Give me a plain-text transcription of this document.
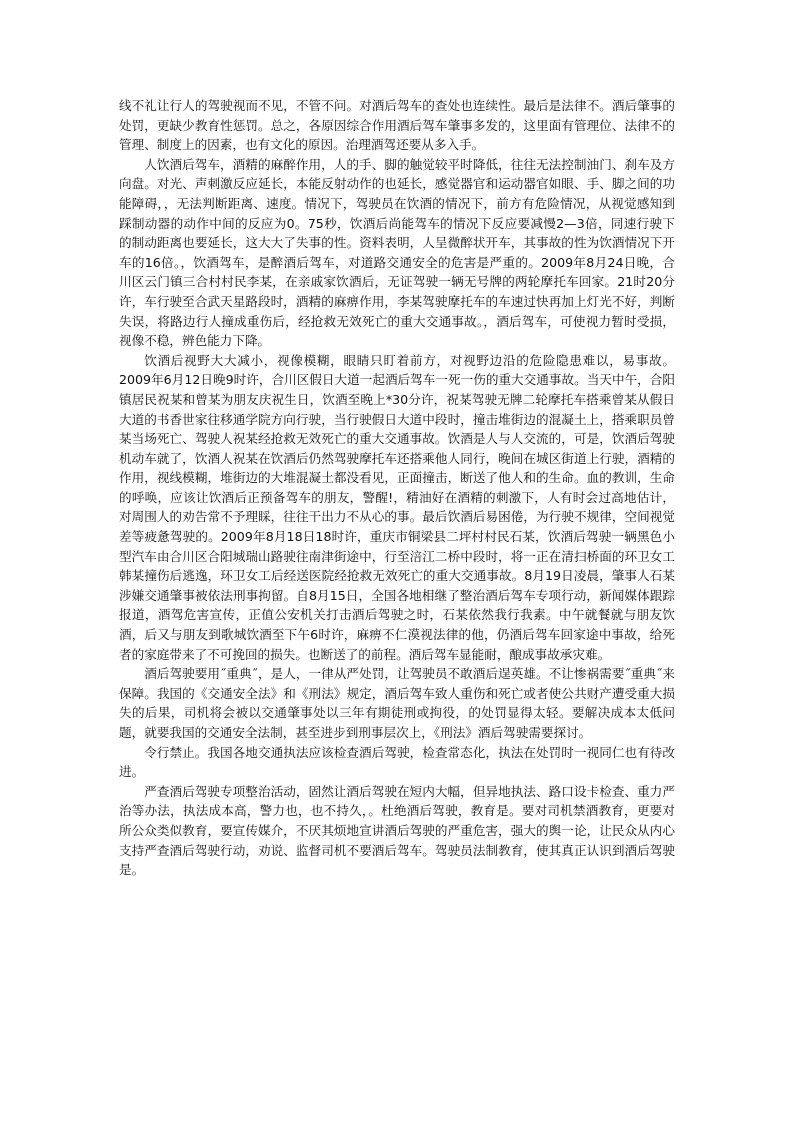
线不礼让行人的驾驶视而不见，不管不问。对酒后驾车的查处也连续性。最后是法律不。酒后肇事的处罚，更缺少教育性惩罚。总之，各原因综合作用酒后驾车肇事多发的，这里面有管理位、法律不的管理、制度上的因素，也有文化的原因。治理酒驾还要从多入手。

人饮酒后驾车，酒精的麻醉作用，人的手、脚的触觉较平时降低，往往无法控制油门、刹车及方向盘。对光、声刺激反应延长，本能反射动作的也延长，感觉器官和运动器官如眼、手、脚之间的功能障碍，，无法判断距离、速度。情况下，驾驶员在饮酒的情况下，前方有危险情况，从视觉感知到踩制动器的动作中间的反应为0。75秒，饮酒后尚能驾车的情况下反应要减慢2—3倍，同速行驶下的制动距离也要延长，这大大了失事的性。资料表明，人呈微醉状开车，其事故的性为饮酒情况下开车的16倍。，饮酒驾车，是醉酒后驾车，对道路交通安全的危害是严重的。2009年8月24日晚，合川区云门镇三合村村民李某，在亲戚家饮酒后，无证驾驶一辆无号牌的两轮摩托车回家。21时20分许，车行驶至合武天星路段时，酒精的麻痹作用，李某驾驶摩托车的车速过快再加上灯光不好，判断失误，将路边行人撞成重伤后，经抢救无效死亡的重大交通事故。，酒后驾车，可使视力暂时受损，视像不稳，辨色能力下降。

饮酒后视野大大减小，视像模糊，眼睛只盯着前方，对视野边沿的危险隐患难以，易事故。2009年6月12日晚9时许，合川区假日大道一起酒后驾车一死一伤的重大交通事故。当天中午，合阳镇居民祝某和曾某为朋友庆祝生日，饮酒至晚上*30分许，祝某驾驶无牌二轮摩托车搭乘曾某从假日大道的书香世家往移通学院方向行驶，当行驶假日大道中段时，撞击堆街边的混凝土上，搭乘职员曾某当场死亡、驾驶人祝某经抢救无效死亡的重大交通事故。饮酒是人与人交流的，可是，饮酒后驾驶机动车就了，饮酒人祝某在饮酒后仍然驾驶摩托车还搭乘他人同行，晚间在城区街道上行驶，酒精的作用，视线模糊，堆街边的大堆混凝土都没看见，正面撞击，断送了他人和的生命。血的教训，生命的呼唤，应该让饮酒后正预备驾车的朋友，警醒!，精油好在酒精的刺激下，人有时会过高地估计，对周围人的劝告常不予理睬，往往干出力不从心的事。最后饮酒后易困倦，为行驶不规律，空间视觉差等疲惫驾驶的。2009年8月18日18时许，重庆市铜梁县二坪村村民石某，饮酒后驾驶一辆黑色小型汽车由合川区合阳城瑞山路驶往南津街途中，行至涪江二桥中段时，将一正在清扫桥面的环卫女工韩某撞伤后逃逸，环卫女工后经送医院经抢救无效死亡的重大交通事故。8月19日凌晨，肇事人石某涉嫌交通肇事被依法刑事拘留。自8月15日，全国各地相继了整治酒后驾车专项行动，新闻媒体跟踪报道，酒驾危害宣传，正值公安机关打击酒后驾驶之时，石某依然我行我素。中午就餐就与朋友饮酒，后又与朋友到歌城饮酒至下午6时许，麻痹不仁漠视法律的他，仍酒后驾车回家途中事故，给死者的家庭带来了不可挽回的损失。也断送了的前程。酒后驾车显能耐，酿成事故承灾难。

酒后驾驶要用˝重典˝，是人，一律从严处罚，让驾驶员不敢酒后逞英雄。不让惨祸需要˝重典˝来保障。我国的《交通安全法》和《刑法》规定，酒后驾车致人重伤和死亡或者使公共财产遭受重大损失的后果，司机将会被以交通肇事处以三年有期徒刑或拘役，的处罚显得太轻。要解决成本太低问题，就要我国的交通安全法制，甚至进步到刑事层次上，《刑法》酒后驾驶需要探讨。

令行禁止。我国各地交通执法应该检查酒后驾驶，检查常态化，执法在处罚时一视同仁也有待改进。

严查酒后驾驶专项整治活动，固然让酒后驾驶在短内大幅，但异地执法、路口设卡检查、重力严治等办法，执法成本高，警力也，也不持久，。杜绝酒后驾驶，教育是。要对司机禁酒教育，更要对所公众类似教育，要宣传媒介，不厌其烦地宣讲酒后驾驶的严重危害，强大的舆一论，让民众从内心支持严查酒后驾驶行动，劝说、监督司机不要酒后驾车。驾驶员法制教育，使其真正认识到酒后驾驶是。
